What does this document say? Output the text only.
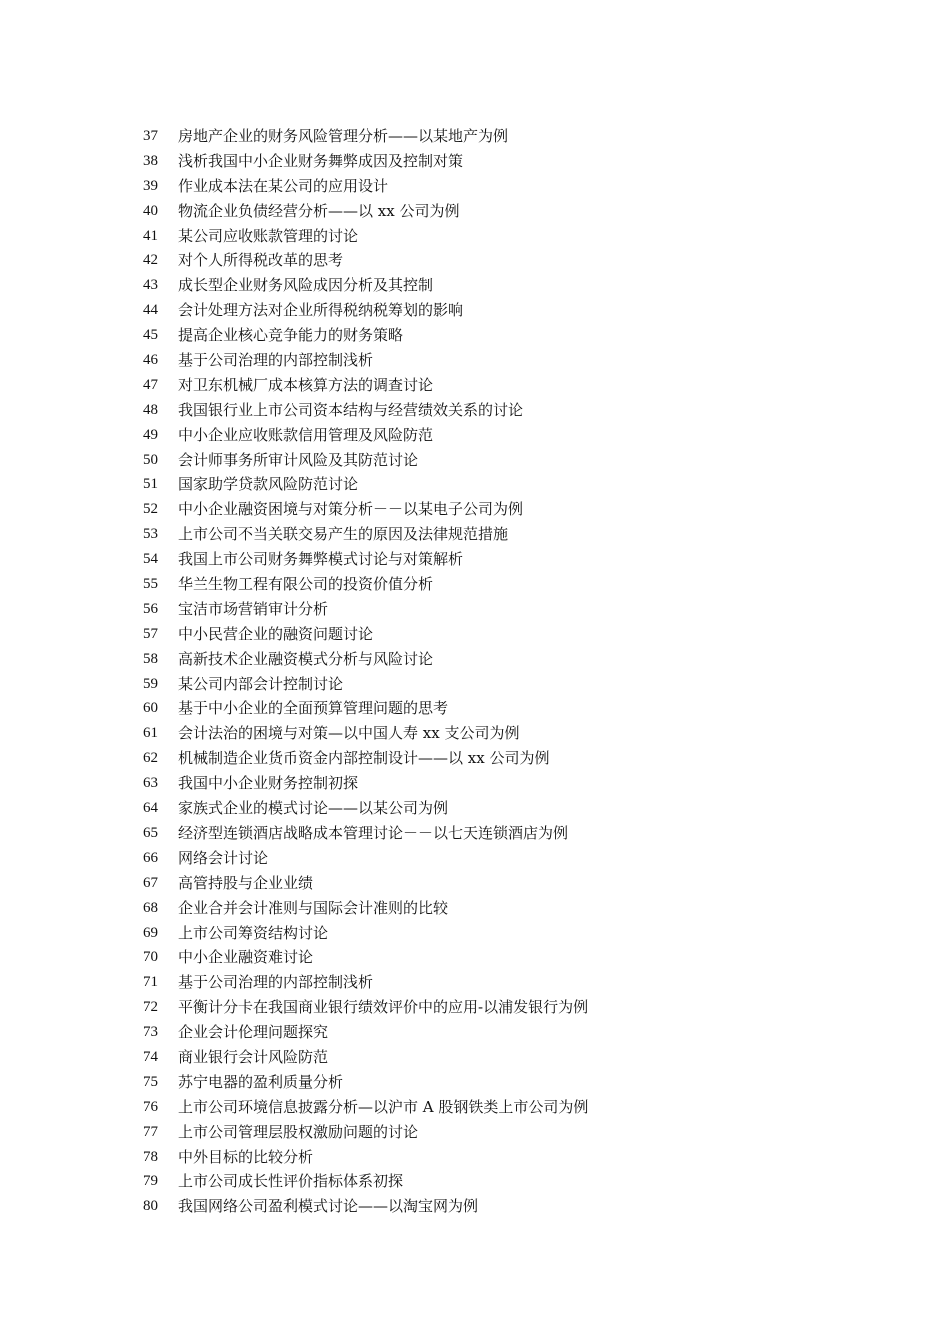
37	房地产企业的财务风险管理分析——以某地产为例
38	浅析我国中小企业财务舞弊成因及控制对策
39	作业成本法在某公司的应用设计
40	物流企业负债经营分析——以 xx 公司为例
41	某公司应收账款管理的讨论
42	对个人所得税改革的思考
43	成长型企业财务风险成因分析及其控制
44	会计处理方法对企业所得税纳税筹划的影响
45	提高企业核心竞争能力的财务策略
46	基于公司治理的内部控制浅析
47	对卫东机械厂成本核算方法的调查讨论
48	我国银行业上市公司资本结构与经营绩效关系的讨论
49	中小企业应收账款信用管理及风险防范
50	会计师事务所审计风险及其防范讨论
51	国家助学贷款风险防范讨论
52	中小企业融资困境与对策分析－－以某电子公司为例
53	上市公司不当关联交易产生的原因及法律规范措施
54	我国上市公司财务舞弊模式讨论与对策解析
55	华兰生物工程有限公司的投资价值分析
56	宝洁市场营销审计分析
57	中小民营企业的融资问题讨论
58	高新技术企业融资模式分析与风险讨论
59	某公司内部会计控制讨论
60	基于中小企业的全面预算管理问题的思考
61	会计法治的困境与对策—以中国人寿 xx 支公司为例
62	机械制造企业货币资金内部控制设计——以 xx 公司为例
63	我国中小企业财务控制初探
64	家族式企业的模式讨论——以某公司为例
65	经济型连锁酒店战略成本管理讨论－－以七天连锁酒店为例
66	网络会计讨论
67	高管持股与企业业绩
68	企业合并会计准则与国际会计准则的比较
69	上市公司筹资结构讨论
70	中小企业融资难讨论
71	基于公司治理的内部控制浅析
72	平衡计分卡在我国商业银行绩效评价中的应用-以浦发银行为例
73	企业会计伦理问题探究
74	商业银行会计风险防范
75	苏宁电器的盈利质量分析
76	上市公司环境信息披露分析—以沪市 A 股钢铁类上市公司为例
77	上市公司管理层股权激励问题的讨论
78	中外目标的比较分析
79	上市公司成长性评价指标体系初探
80	我国网络公司盈利模式讨论——以淘宝网为例
